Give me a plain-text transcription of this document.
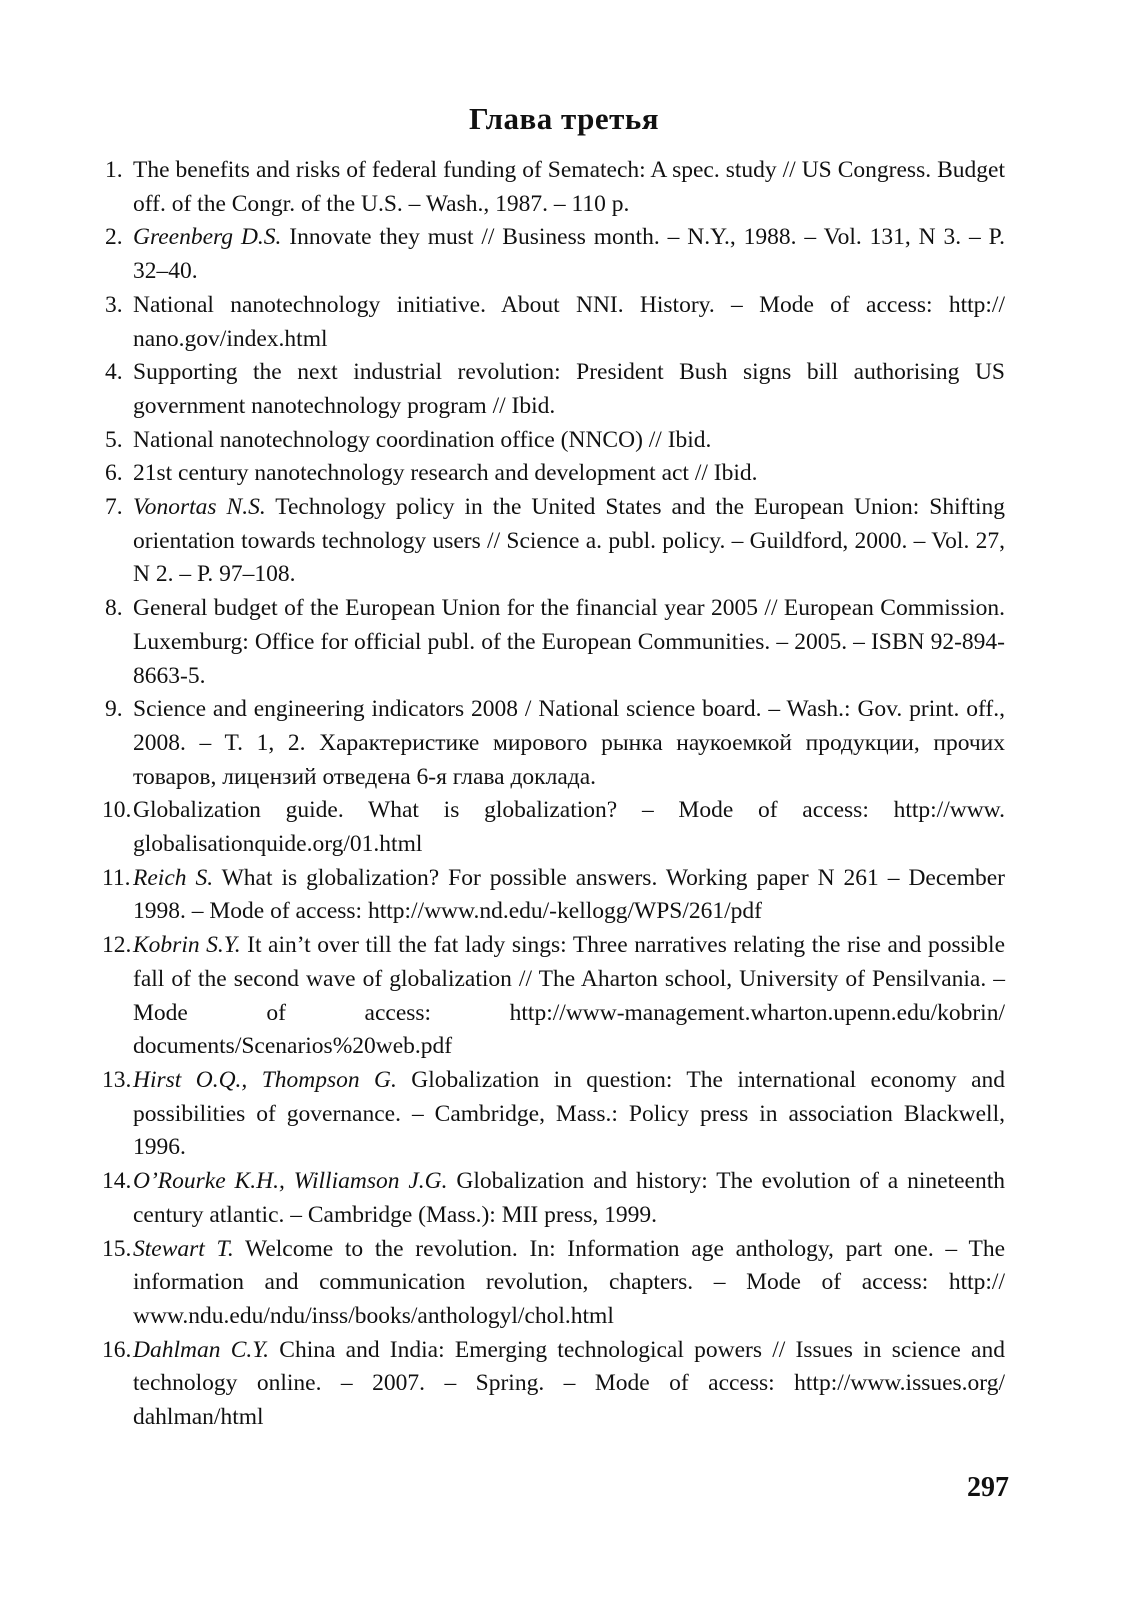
Глава третья
1. The benefits and risks of federal funding of Sematech: A spec. study // US Congress. Budget off. of the Congr. of the U.S. – Wash., 1987. – 110 p.
2. Greenberg D.S. Innovate they must // Business month. – N.Y., 1988. – Vol. 131, N 3. – P. 32–40.
3. National nanotechnology initiative. About NNI. History. – Mode of access: http:// nano.gov/index.html
4. Supporting the next industrial revolution: President Bush signs bill authorising US government nanotechnology program // Ibid.
5. National nanotechnology coordination office (NNCO) // Ibid.
6. 21st century nanotechnology research and development act // Ibid.
7. Vonortas N.S. Technology policy in the United States and the European Union: Shifting orientation towards technology users // Science a. publ. policy. – Guildford, 2000. – Vol. 27, N 2. – P. 97–108.
8. General budget of the European Union for the financial year 2005 // European Commission. Luxemburg: Office for official publ. of the European Communities. – 2005. – ISBN 92-894-8663-5.
9. Science and engineering indicators 2008 / National science board. – Wash.: Gov. print. off., 2008. – T. 1, 2. Характеристике мирового рынка наукоемкой продукции, прочих товаров, лицензий отведена 6-я глава доклада.
10. Globalization guide. What is globalization? – Mode of access: http://www. globalisationquide.org/01.html
11. Reich S. What is globalization? For possible answers. Working paper N 261 – December 1998. – Mode of access: http://www.nd.edu/-kellogg/WPS/261/pdf
12. Kobrin S.Y. It ain’t over till the fat lady sings: Three narratives relating the rise and possible fall of the second wave of globalization // The Aharton school, University of Pensilvania. – Mode of access: http://www-management.wharton.upenn.edu/kobrin/ documents/Scenarios%20web.pdf
13. Hirst O.Q., Thompson G. Globalization in question: The international economy and possibilities of governance. – Cambridge, Mass.: Policy press in association Blackwell, 1996.
14. O’Rourke K.H., Williamson J.G. Globalization and history: The evolution of a nineteenth century atlantic. – Cambridge (Mass.): MII press, 1999.
15. Stewart T. Welcome to the revolution. In: Information age anthology, part one. – The information and communication revolution, chapters. – Mode of access: http:// www.ndu.edu/ndu/inss/books/anthologyl/chol.html
16. Dahlman C.Y. China and India: Emerging technological powers // Issues in science and technology online. – 2007. – Spring. – Mode of access: http://www.issues.org/ dahlman/html
297
